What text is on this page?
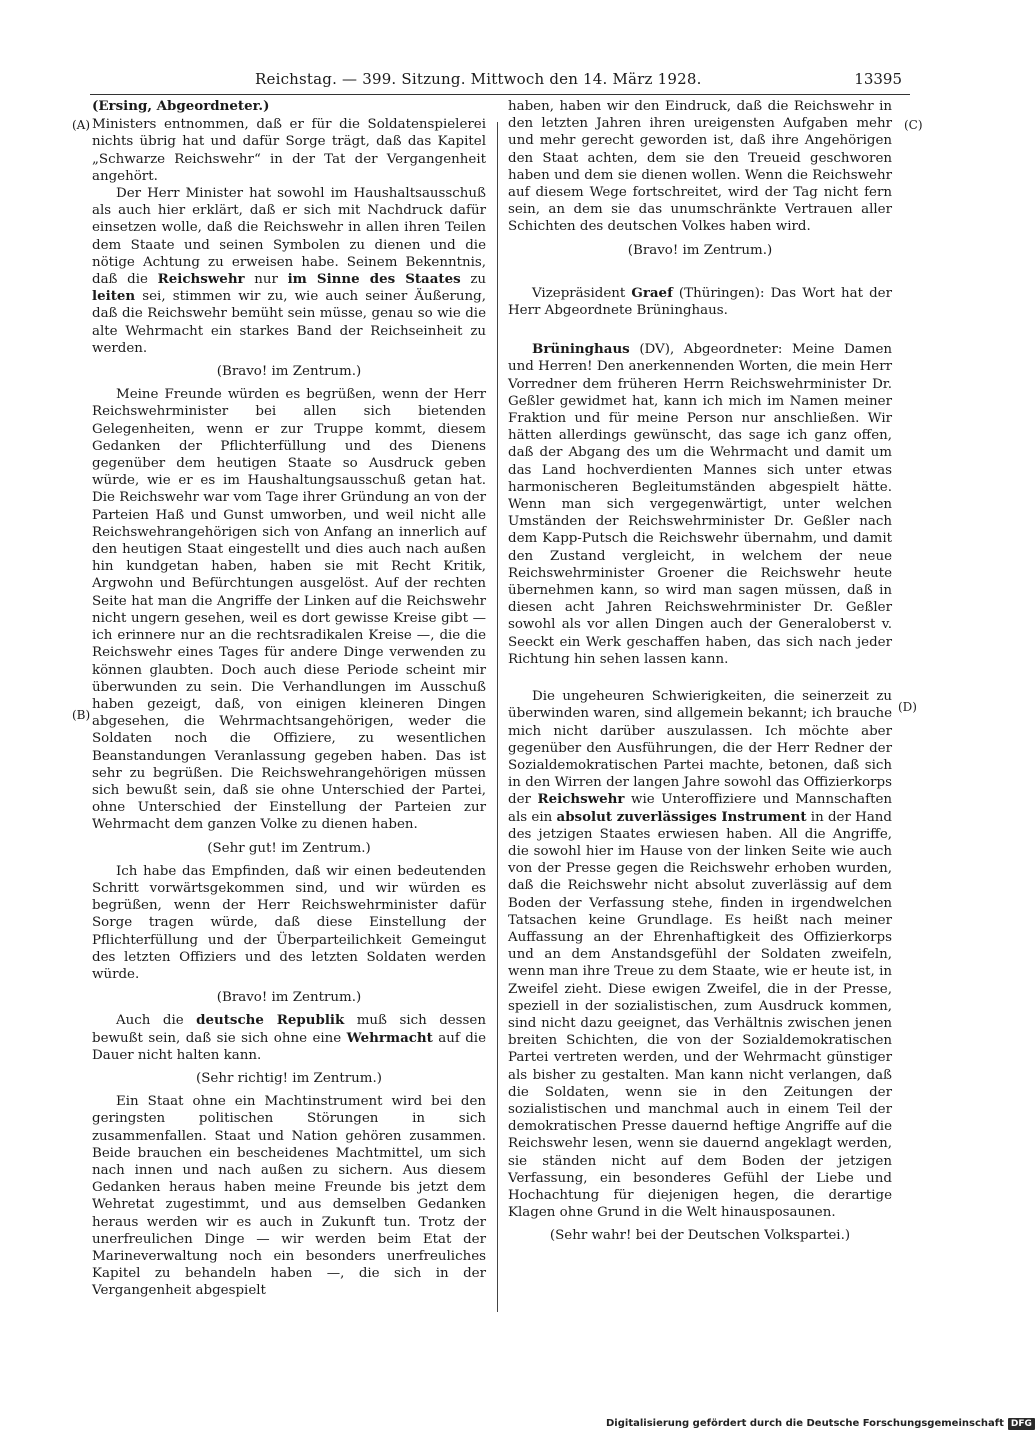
Reichstag. — 399. Sitzung. Mittwoch den 14. März 1928.	13395
(A)
(B)
(C)
(D)

(Ersing, Abgeordneter.)

Ministers entnommen, daß er für die Soldatenspielerei nichts übrig hat und dafür Sorge trägt, daß das Kapitel „Schwarze Reichswehr“ in der Tat der Vergangenheit angehört.

Der Herr Minister hat sowohl im Haushaltsausschuß als auch hier erklärt, daß er sich mit Nachdruck dafür einsetzen wolle, daß die Reichswehr in allen ihren Teilen dem Staate und seinen Symbolen zu dienen und die nötige Achtung zu erweisen habe. Seinem Bekenntnis, daß die Reichswehr nur im Sinne des Staates zu leiten sei, stimmen wir zu, wie auch seiner Äußerung, daß die Reichswehr bemüht sein müsse, genau so wie die alte Wehrmacht ein starkes Band der Reichseinheit zu werden.

(Bravo! im Zentrum.)

Meine Freunde würden es begrüßen, wenn der Herr Reichswehrminister bei allen sich bietenden Gelegenheiten, wenn er zur Truppe kommt, diesem Gedanken der Pflichterfüllung und des Dienens gegenüber dem heutigen Staate so Ausdruck geben würde, wie er es im Haushaltungsausschuß getan hat. Die Reichswehr war vom Tage ihrer Gründung an von der Parteien Haß und Gunst umworben, und weil nicht alle Reichswehrangehörigen sich von Anfang an innerlich auf den heutigen Staat eingestellt und dies auch nach außen hin kundgetan haben, haben sie mit Recht Kritik, Argwohn und Befürchtungen ausgelöst. Auf der rechten Seite hat man die Angriffe der Linken auf die Reichswehr nicht ungern gesehen, weil es dort gewisse Kreise gibt — ich erinnere nur an die rechtsradikalen Kreise —, die die Reichswehr eines Tages für andere Dinge verwenden zu können glaubten. Doch auch diese Periode scheint mir überwunden zu sein. Die Verhandlungen im Ausschuß haben gezeigt, daß, von einigen kleineren Dingen abgesehen, die Wehrmachtsangehörigen, weder die Soldaten noch die Offiziere, zu wesentlichen Beanstandungen Veranlassung gegeben haben. Das ist sehr zu begrüßen. Die Reichswehrangehörigen müssen sich bewußt sein, daß sie ohne Unterschied der Partei, ohne Unterschied der Einstellung der Parteien zur Wehrmacht dem ganzen Volke zu dienen haben.

(Sehr gut! im Zentrum.)

Ich habe das Empfinden, daß wir einen bedeutenden Schritt vorwärtsgekommen sind, und wir würden es begrüßen, wenn der Herr Reichswehrminister dafür Sorge tragen würde, daß diese Einstellung der Pflichterfüllung und der Überparteilichkeit Gemeingut des letzten Offiziers und des letzten Soldaten werden würde.

(Bravo! im Zentrum.)

Auch die deutsche Republik muß sich dessen bewußt sein, daß sie sich ohne eine Wehrmacht auf die Dauer nicht halten kann.

(Sehr richtig! im Zentrum.)

Ein Staat ohne ein Machtinstrument wird bei den geringsten politischen Störungen in sich zusammenfallen. Staat und Nation gehören zusammen. Beide brauchen ein bescheidenes Machtmittel, um sich nach innen und nach außen zu sichern. Aus diesem Gedanken heraus haben meine Freunde bis jetzt dem Wehretat zugestimmt, und aus demselben Gedanken heraus werden wir es auch in Zukunft tun. Trotz der unerfreulichen Dinge — wir werden beim Etat der Marineverwaltung noch ein besonders unerfreuliches Kapitel zu behandeln haben —, die sich in der Vergangenheit abgespielt

haben, haben wir den Eindruck, daß die Reichswehr in den letzten Jahren ihren ureigensten Aufgaben mehr und mehr gerecht geworden ist, daß ihre Angehörigen den Staat achten, dem sie den Treueid geschworen haben und dem sie dienen wollen. Wenn die Reichswehr auf diesem Wege fortschreitet, wird der Tag nicht fern sein, an dem sie das unumschränkte Vertrauen aller Schichten des deutschen Volkes haben wird.

(Bravo! im Zentrum.)

Vizepräsident Graef (Thüringen): Das Wort hat der Herr Abgeordnete Brüninghaus.

Brüninghaus (DV), Abgeordneter: Meine Damen und Herren! Den anerkennenden Worten, die mein Herr Vorredner dem früheren Herrn Reichswehrminister Dr. Geßler gewidmet hat, kann ich mich im Namen meiner Fraktion und für meine Person nur anschließen. Wir hätten allerdings gewünscht, das sage ich ganz offen, daß der Abgang des um die Wehrmacht und damit um das Land hochverdienten Mannes sich unter etwas harmonischeren Begleitumständen abgespielt hätte. Wenn man sich vergegenwärtigt, unter welchen Umständen der Reichswehrminister Dr. Geßler nach dem Kapp-Putsch die Reichswehr übernahm, und damit den Zustand vergleicht, in welchem der neue Reichswehrminister Groener die Reichswehr heute übernehmen kann, so wird man sagen müssen, daß in diesen acht Jahren Reichswehrminister Dr. Geßler sowohl als vor allen Dingen auch der Generaloberst v. Seeckt ein Werk geschaffen haben, das sich nach jeder Richtung hin sehen lassen kann.

Die ungeheuren Schwierigkeiten, die seinerzeit zu überwinden waren, sind allgemein bekannt; ich brauche mich nicht darüber auszulassen. Ich möchte aber gegenüber den Ausführungen, die der Herr Redner der Sozialdemokratischen Partei machte, betonen, daß sich in den Wirren der langen Jahre sowohl das Offizierkorps der Reichswehr wie Unteroffiziere und Mannschaften als ein absolut zuverlässiges Instrument in der Hand des jetzigen Staates erwiesen haben. All die Angriffe, die sowohl hier im Hause von der linken Seite wie auch von der Presse gegen die Reichswehr erhoben wurden, daß die Reichswehr nicht absolut zuverlässig auf dem Boden der Verfassung stehe, finden in irgendwelchen Tatsachen keine Grundlage. Es heißt nach meiner Auffassung an der Ehrenhaftigkeit des Offizierkorps und an dem Anstandsgefühl der Soldaten zweifeln, wenn man ihre Treue zu dem Staate, wie er heute ist, in Zweifel zieht. Diese ewigen Zweifel, die in der Presse, speziell in der sozialistischen, zum Ausdruck kommen, sind nicht dazu geeignet, das Verhältnis zwischen jenen breiten Schichten, die von der Sozialdemokratischen Partei vertreten werden, und der Wehrmacht günstiger als bisher zu gestalten. Man kann nicht verlangen, daß die Soldaten, wenn sie in den Zeitungen der sozialistischen und manchmal auch in einem Teil der demokratischen Presse dauernd heftige Angriffe auf die Reichswehr lesen, wenn sie dauernd angeklagt werden, sie ständen nicht auf dem Boden der jetzigen Verfassung, ein besonderes Gefühl der Liebe und Hochachtung für diejenigen hegen, die derartige Klagen ohne Grund in die Welt hinausposaunen.

(Sehr wahr! bei der Deutschen Volkspartei.)

Digitalisierung gefördert durch die Deutsche Forschungsgemeinschaft DFG
